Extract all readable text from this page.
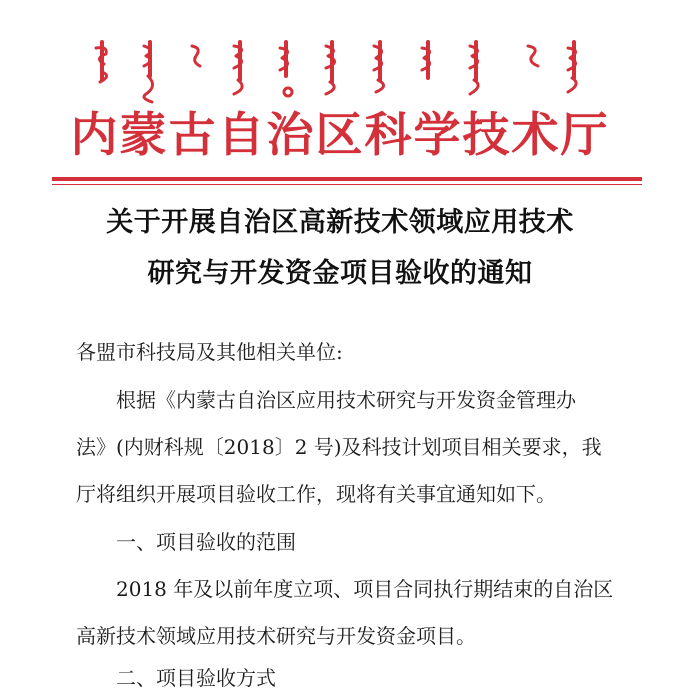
内蒙古自治区科学技术厅
关于开展自治区高新技术领域应用技术
研究与开发资金项目验收的通知
各盟市科技局及其他相关单位:
根据《内蒙古自治区应用技术研究与开发资金管理办
法》(内财科规〔2018〕2 号)及科技计划项目相关要求，我
厅将组织开展项目验收工作，现将有关事宜通知如下。
一、项目验收的范围
2018 年及以前年度立项、项目合同执行期结束的自治区
高新技术领域应用技术研究与开发资金项目。
二、项目验收方式
